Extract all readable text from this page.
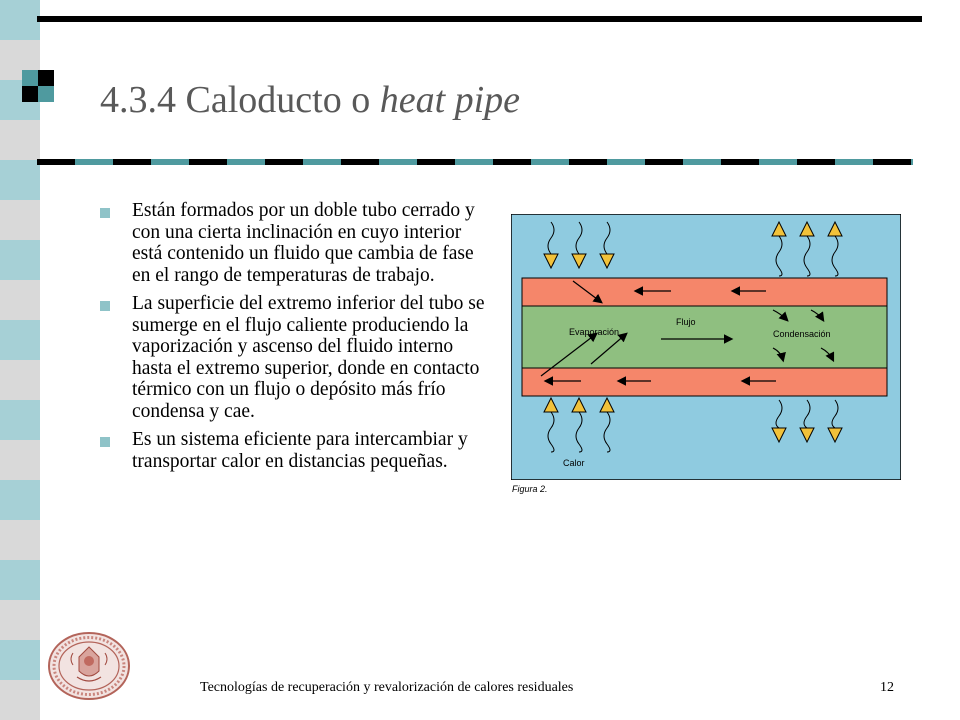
4.3.4 Caloducto o heat pipe
Están formados por un doble tubo cerrado y con una cierta inclinación en cuyo interior está contenido un fluido que cambia de fase en el rango de temperaturas de trabajo.
La superficie del extremo inferior del tubo se sumerge en el flujo caliente produciendo la vaporización y ascenso del fluido interno hasta el extremo superior, donde en contacto térmico con un flujo o depósito más frío condensa y cae.
Es un sistema eficiente para intercambiar y transportar calor en distancias pequeñas.
Evaporación
Flujo
Condensación
Calor
Figura 2.
Tecnologías de recuperación y revalorización de calores residuales	12
